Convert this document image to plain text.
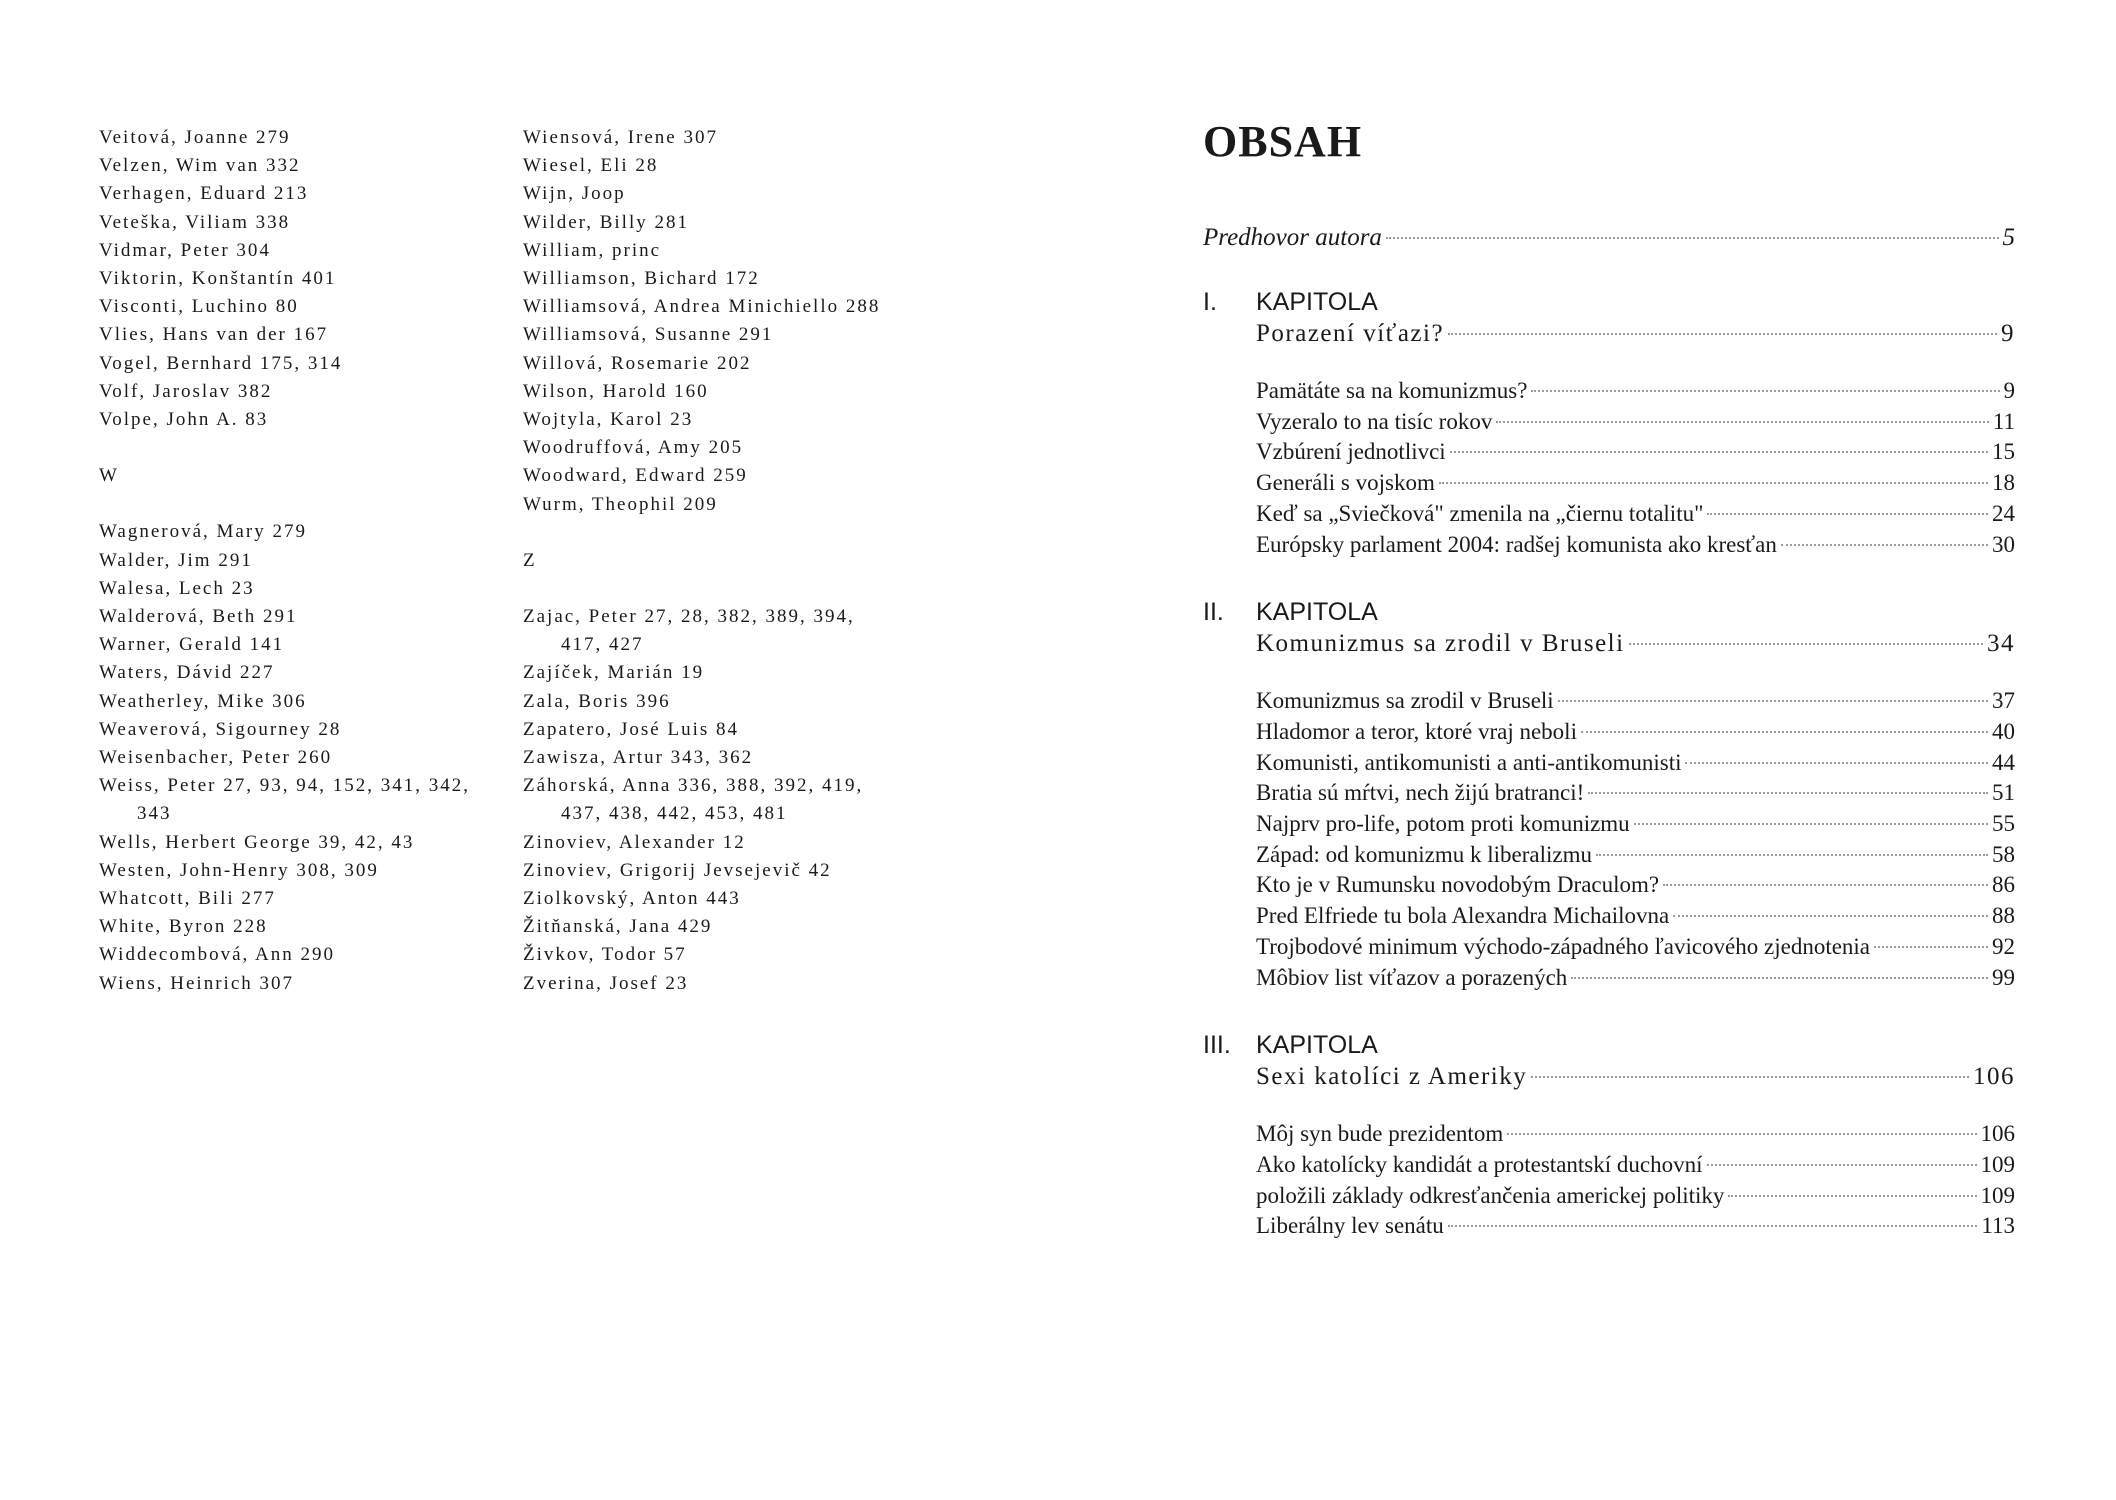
Veitová, Joanne 279
Velzen, Wim van 332
Verhagen, Eduard 213
Veteška, Viliam 338
Vidmar, Peter 304
Viktorin, Konštantín 401
Visconti, Luchino 80
Vlies, Hans van der 167
Vogel, Bernhard 175, 314
Volf, Jaroslav 382
Volpe, John A. 83
W
Wagnerová, Mary 279
Walder, Jim 291
Walesa, Lech 23
Walderová, Beth 291
Warner, Gerald 141
Waters, Dávid 227
Weatherley, Mike 306
Weaverová, Sigourney 28
Weisenbacher, Peter 260
Weiss, Peter 27, 93, 94, 152, 341, 342,
343
Wells, Herbert George 39, 42, 43
Westen, John-Henry 308, 309
Whatcott, Bili 277
White, Byron 228
Widdecombová, Ann 290
Wiens, Heinrich 307
Wiensová, Irene 307
Wiesel, Eli 28
Wijn, Joop
Wilder, Billy 281
William, princ
Williamson, Bichard 172
Williamsová, Andrea Minichiello 288
Williamsová, Susanne 291
Willová, Rosemarie 202
Wilson, Harold 160
Wojtyla, Karol 23
Woodruffová, Amy 205
Woodward, Edward 259
Wurm, Theophil 209
Z
Zajac, Peter 27, 28, 382, 389, 394,
417, 427
Zajíček, Marián 19
Zala, Boris 396
Zapatero, José Luis 84
Zawisza, Artur 343, 362
Záhorská, Anna 336, 388, 392, 419,
437, 438, 442, 453, 481
Zinoviev, Alexander 12
Zinoviev, Grigorij Jevsejevič 42
Ziolkovský, Anton 443
Žitňanská, Jana 429
Živkov, Todor 57
Zverina, Josef 23
OBSAH
Predhovor autora	5
I.	KAPITOLA
Porazení víťazi?	9
Pamätáte sa na komunizmus?	9
Vyzeralo to na tisíc rokov	11
Vzbúrení jednotlivci	15
Generáli s vojskom	18
Keď sa „Sviečková" zmenila na „čiernu totalitu"	24
Európsky parlament 2004: radšej komunista ako kresťan	30
II.	KAPITOLA
Komunizmus sa zrodil v Bruseli	34
Komunizmus sa zrodil v Bruseli	37
Hladomor a teror, ktoré vraj neboli	40
Komunisti, antikomunisti a anti-antikomunisti	44
Bratia sú mŕtvi, nech žijú bratranci!	51
Najprv pro-life, potom proti komunizmu	55
Západ: od komunizmu k liberalizmu	58
Kto je v Rumunsku novodobým Draculom?	86
Pred Elfriede tu bola Alexandra Michailovna	88
Trojbodové minimum východo-západného ľavicového zjednotenia	92
Môbiov list víťazov a porazených	99
III.	KAPITOLA
Sexi katolíci z Ameriky	106
Môj syn bude prezidentom	106
Ako katolícky kandidát a protestantskí duchovní	109
položili základy odkresťančenia americkej politiky	109
Liberálny lev senátu	113
